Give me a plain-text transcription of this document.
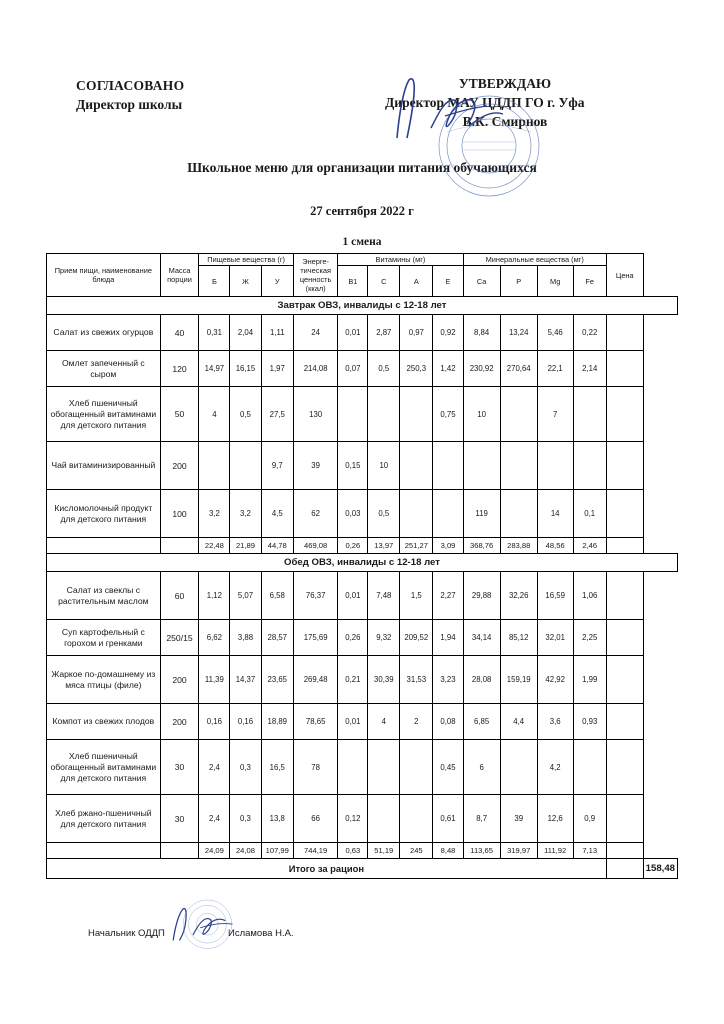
СОГЛАСОВАНО
Директор школы
УТВЕРЖДАЮ
Директор МАУ ЦДДП ГО г. Уфа
В.К. Смирнов
Школьное меню для организации питания обучающихся
27 сентября 2022 г
1 смена
Прием пищи, наименование блюда	Масса порции	Пищевые вещества (г)			Энерге-тическая ценность (ккал)	Витамины (мг)				Минеральные вещества (мг)				Цена	
		Б	Ж	У		В1	С	А	Е	Са	Р	Mg	Fe		
Завтрак ОВЗ, инвалиды с 12-18 лет															
Салат из свежих огурцов	40	0,31	2,04	1,11	24	0,01	2,87	0,97	0,92	8,84	13,24	5,46	0,22		
Омлет запеченный с сыром	120	14,97	16,15	1,97	214,08	0,07	0,5	250,3	1,42	230,92	270,64	22,1	2,14		
Хлеб пшеничный обогащенный витаминами для детского питания	50	4	0,5	27,5	130				0,75	10		7			
Чай витаминизированный	200			9,7	39	0,15	10								
Кисломолочный продукт для детского питания	100	3,2	3,2	4,5	62	0,03	0,5			119		14	0,1		
		22,48	21,89	44,78	469,08	0,26	13,97	251,27	3,09	368,76	283,88	48,56	2,46		
Обед ОВЗ, инвалиды с 12-18 лет															
Салат из свеклы с растительным маслом	60	1,12	5,07	6,58	76,37	0,01	7,48	1,5	2,27	29,88	32,26	16,59	1,06		
Суп картофельный с горохом и гренками	250/15	6,62	3,88	28,57	175,69	0,26	9,32	209,52	1,94	34,14	85,12	32,01	2,25		
Жаркое по-домашнему из мяса птицы (филе)	200	11,39	14,37	23,65	269,48	0,21	30,39	31,53	3,23	28,08	159,19	42,92	1,99		
Компот из свежих плодов	200	0,16	0,16	18,89	78,65	0,01	4	2	0,08	6,85	4,4	3,6	0,93		
Хлеб пшеничный обогащенный витаминами для детского питания	30	2,4	0,3	16,5	78				0,45	6		4,2			
Хлеб ржано-пшеничный для детского питания	30	2,4	0,3	13,8	66	0,12			0,61	8,7	39	12,6	0,9		
		24,09	24,08	107,99	744,19	0,63	51,19	245	8,48	113,65	319,97	111,92	7,13		
Итого за рацион															158,48
Начальник ОДДП	Исламова Н.А.
